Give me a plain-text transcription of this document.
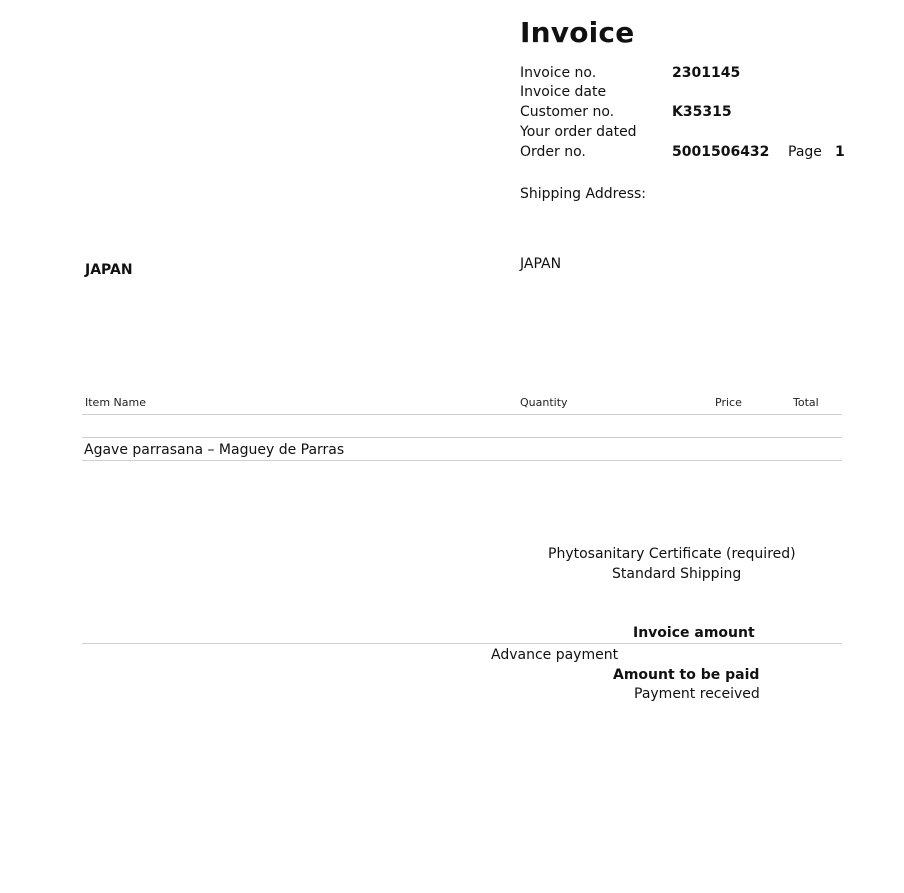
Invoice
Invoice no.	2301145
Invoice date
Customer no.	K35315
Your order dated
Order no.	5001506432 Page 1
Shipping Address:
JAPAN
JAPAN
Item Name	Quantity	Price	Total
Agave parrasana – Maguey de Parras
Phytosanitary Certificate (required)
Standard Shipping
Invoice amount
Advance payment
Amount to be paid
Payment received
